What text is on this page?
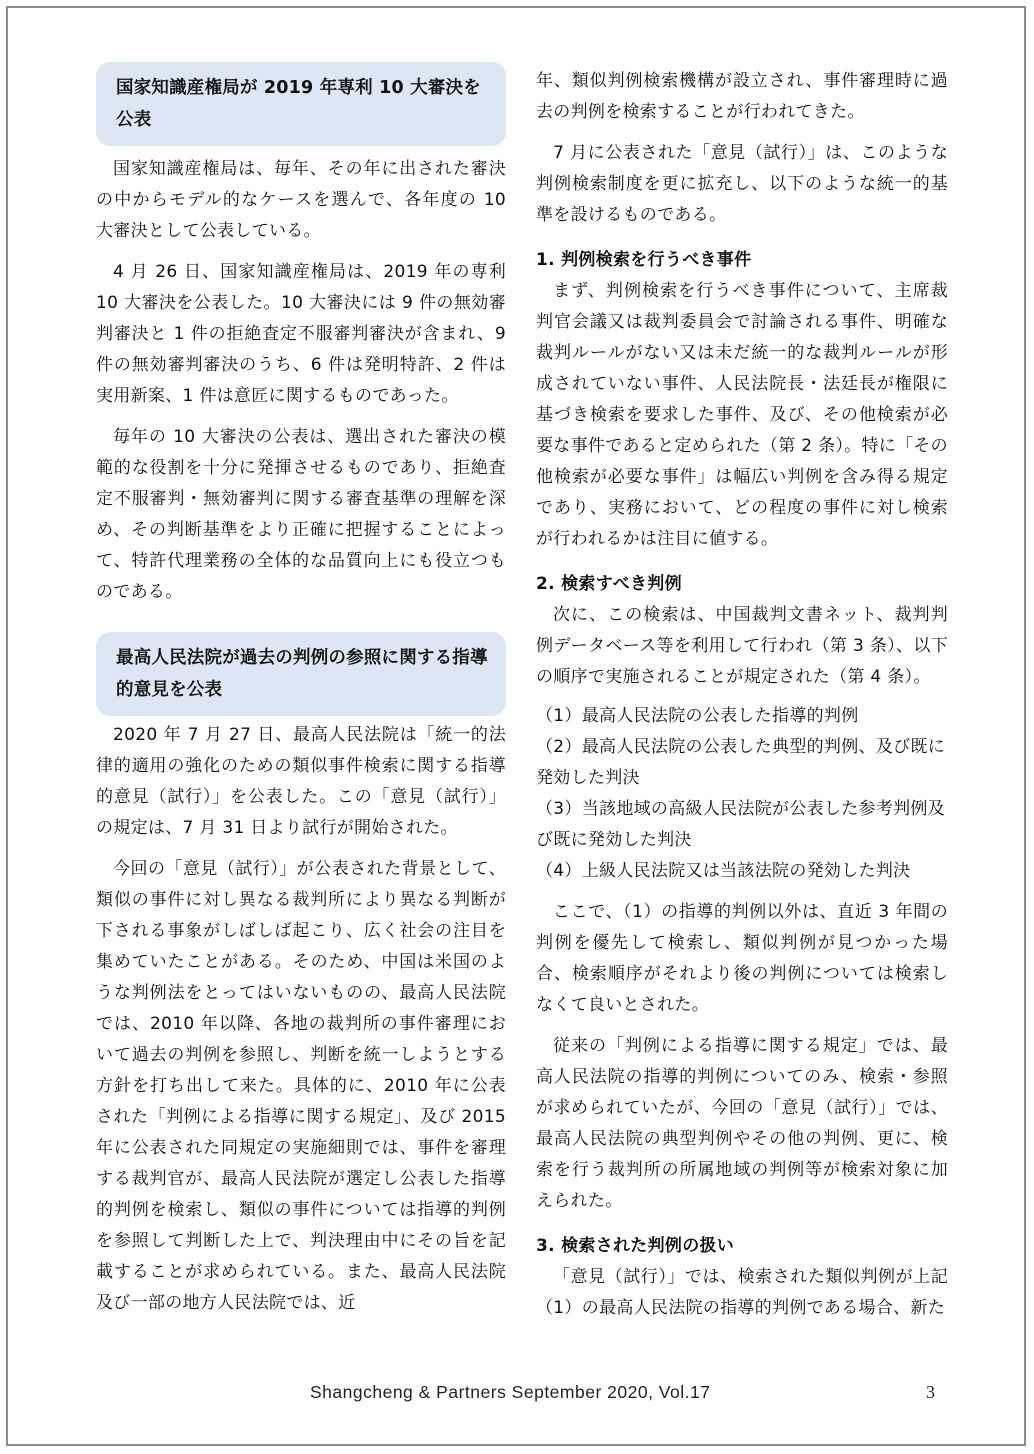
国家知識産権局が 2019 年専利 10 大審決を公表

国家知識産権局は、毎年、その年に出された審決の中からモデル的なケースを選んで、各年度の 10 大審決として公表している。

4 月 26 日、国家知識産権局は、2019 年の専利 10 大審決を公表した。10 大審決には 9 件の無効審判審決と 1 件の拒絶査定不服審判審決が含まれ、9 件の無効審判審決のうち、6 件は発明特許、2 件は実用新案、1 件は意匠に関するものであった。

毎年の 10 大審決の公表は、選出された審決の模範的な役割を十分に発揮させるものであり、拒絶査定不服審判・無効審判に関する審査基準の理解を深め、その判断基準をより正確に把握することによって、特許代理業務の全体的な品質向上にも役立つものである。

最高人民法院が過去の判例の参照に関する指導的意見を公表

2020 年 7 月 27 日、最高人民法院は「統一的法律的適用の強化のための類似事件検索に関する指導的意見（試行）」を公表した。この「意見（試行）」の規定は、7 月 31 日より試行が開始された。

今回の「意見（試行）」が公表された背景として、類似の事件に対し異なる裁判所により異なる判断が下される事象がしばしば起こり、広く社会の注目を集めていたことがある。そのため、中国は米国のような判例法をとってはいないものの、最高人民法院では、2010 年以降、各地の裁判所の事件審理において過去の判例を参照し、判断を統一しようとする方針を打ち出して来た。具体的に、2010 年に公表された「判例による指導に関する規定」、及び 2015 年に公表された同規定の実施細則では、事件を審理する裁判官が、最高人民法院が選定し公表した指導的判例を検索し、類似の事件については指導的判例を参照して判断した上で、判決理由中にその旨を記載することが求められている。また、最高人民法院及び一部の地方人民法院では、近

年、類似判例検索機構が設立され、事件審理時に過去の判例を検索することが行われてきた。

7 月に公表された「意見（試行）」は、このような判例検索制度を更に拡充し、以下のような統一的基準を設けるものである。

1. 判例検索を行うべき事件

まず、判例検索を行うべき事件について、主席裁判官会議又は裁判委員会で討論される事件、明確な裁判ルールがない又は未だ統一的な裁判ルールが形成されていない事件、人民法院長・法廷長が権限に基づき検索を要求した事件、及び、その他検索が必要な事件であると定められた（第 2 条）。特に「その他検索が必要な事件」は幅広い判例を含み得る規定であり、実務において、どの程度の事件に対し検索が行われるかは注目に値する。

2. 検索すべき判例

次に、この検索は、中国裁判文書ネット、裁判判例データベース等を利用して行われ（第 3 条）、以下の順序で実施されることが規定された（第 4 条）。

（1）最高人民法院の公表した指導的判例
（2）最高人民法院の公表した典型的判例、及び既に発効した判決
（3）当該地域の高級人民法院が公表した参考判例及び既に発効した判決
（4）上級人民法院又は当該法院の発効した判決

ここで、（1）の指導的判例以外は、直近 3 年間の判例を優先して検索し、類似判例が見つかった場合、検索順序がそれより後の判例については検索しなくて良いとされた。

従来の「判例による指導に関する規定」では、最高人民法院の指導的判例についてのみ、検索・参照が求められていたが、今回の「意見（試行）」では、最高人民法院の典型判例やその他の判例、更に、検索を行う裁判所の所属地域の判例等が検索対象に加えられた。

3. 検索された判例の扱い

「意見（試行）」では、検索された類似判例が上記（1）の最高人民法院の指導的判例である場合、新た

Shangcheng & Partners September 2020, Vol.17	3
